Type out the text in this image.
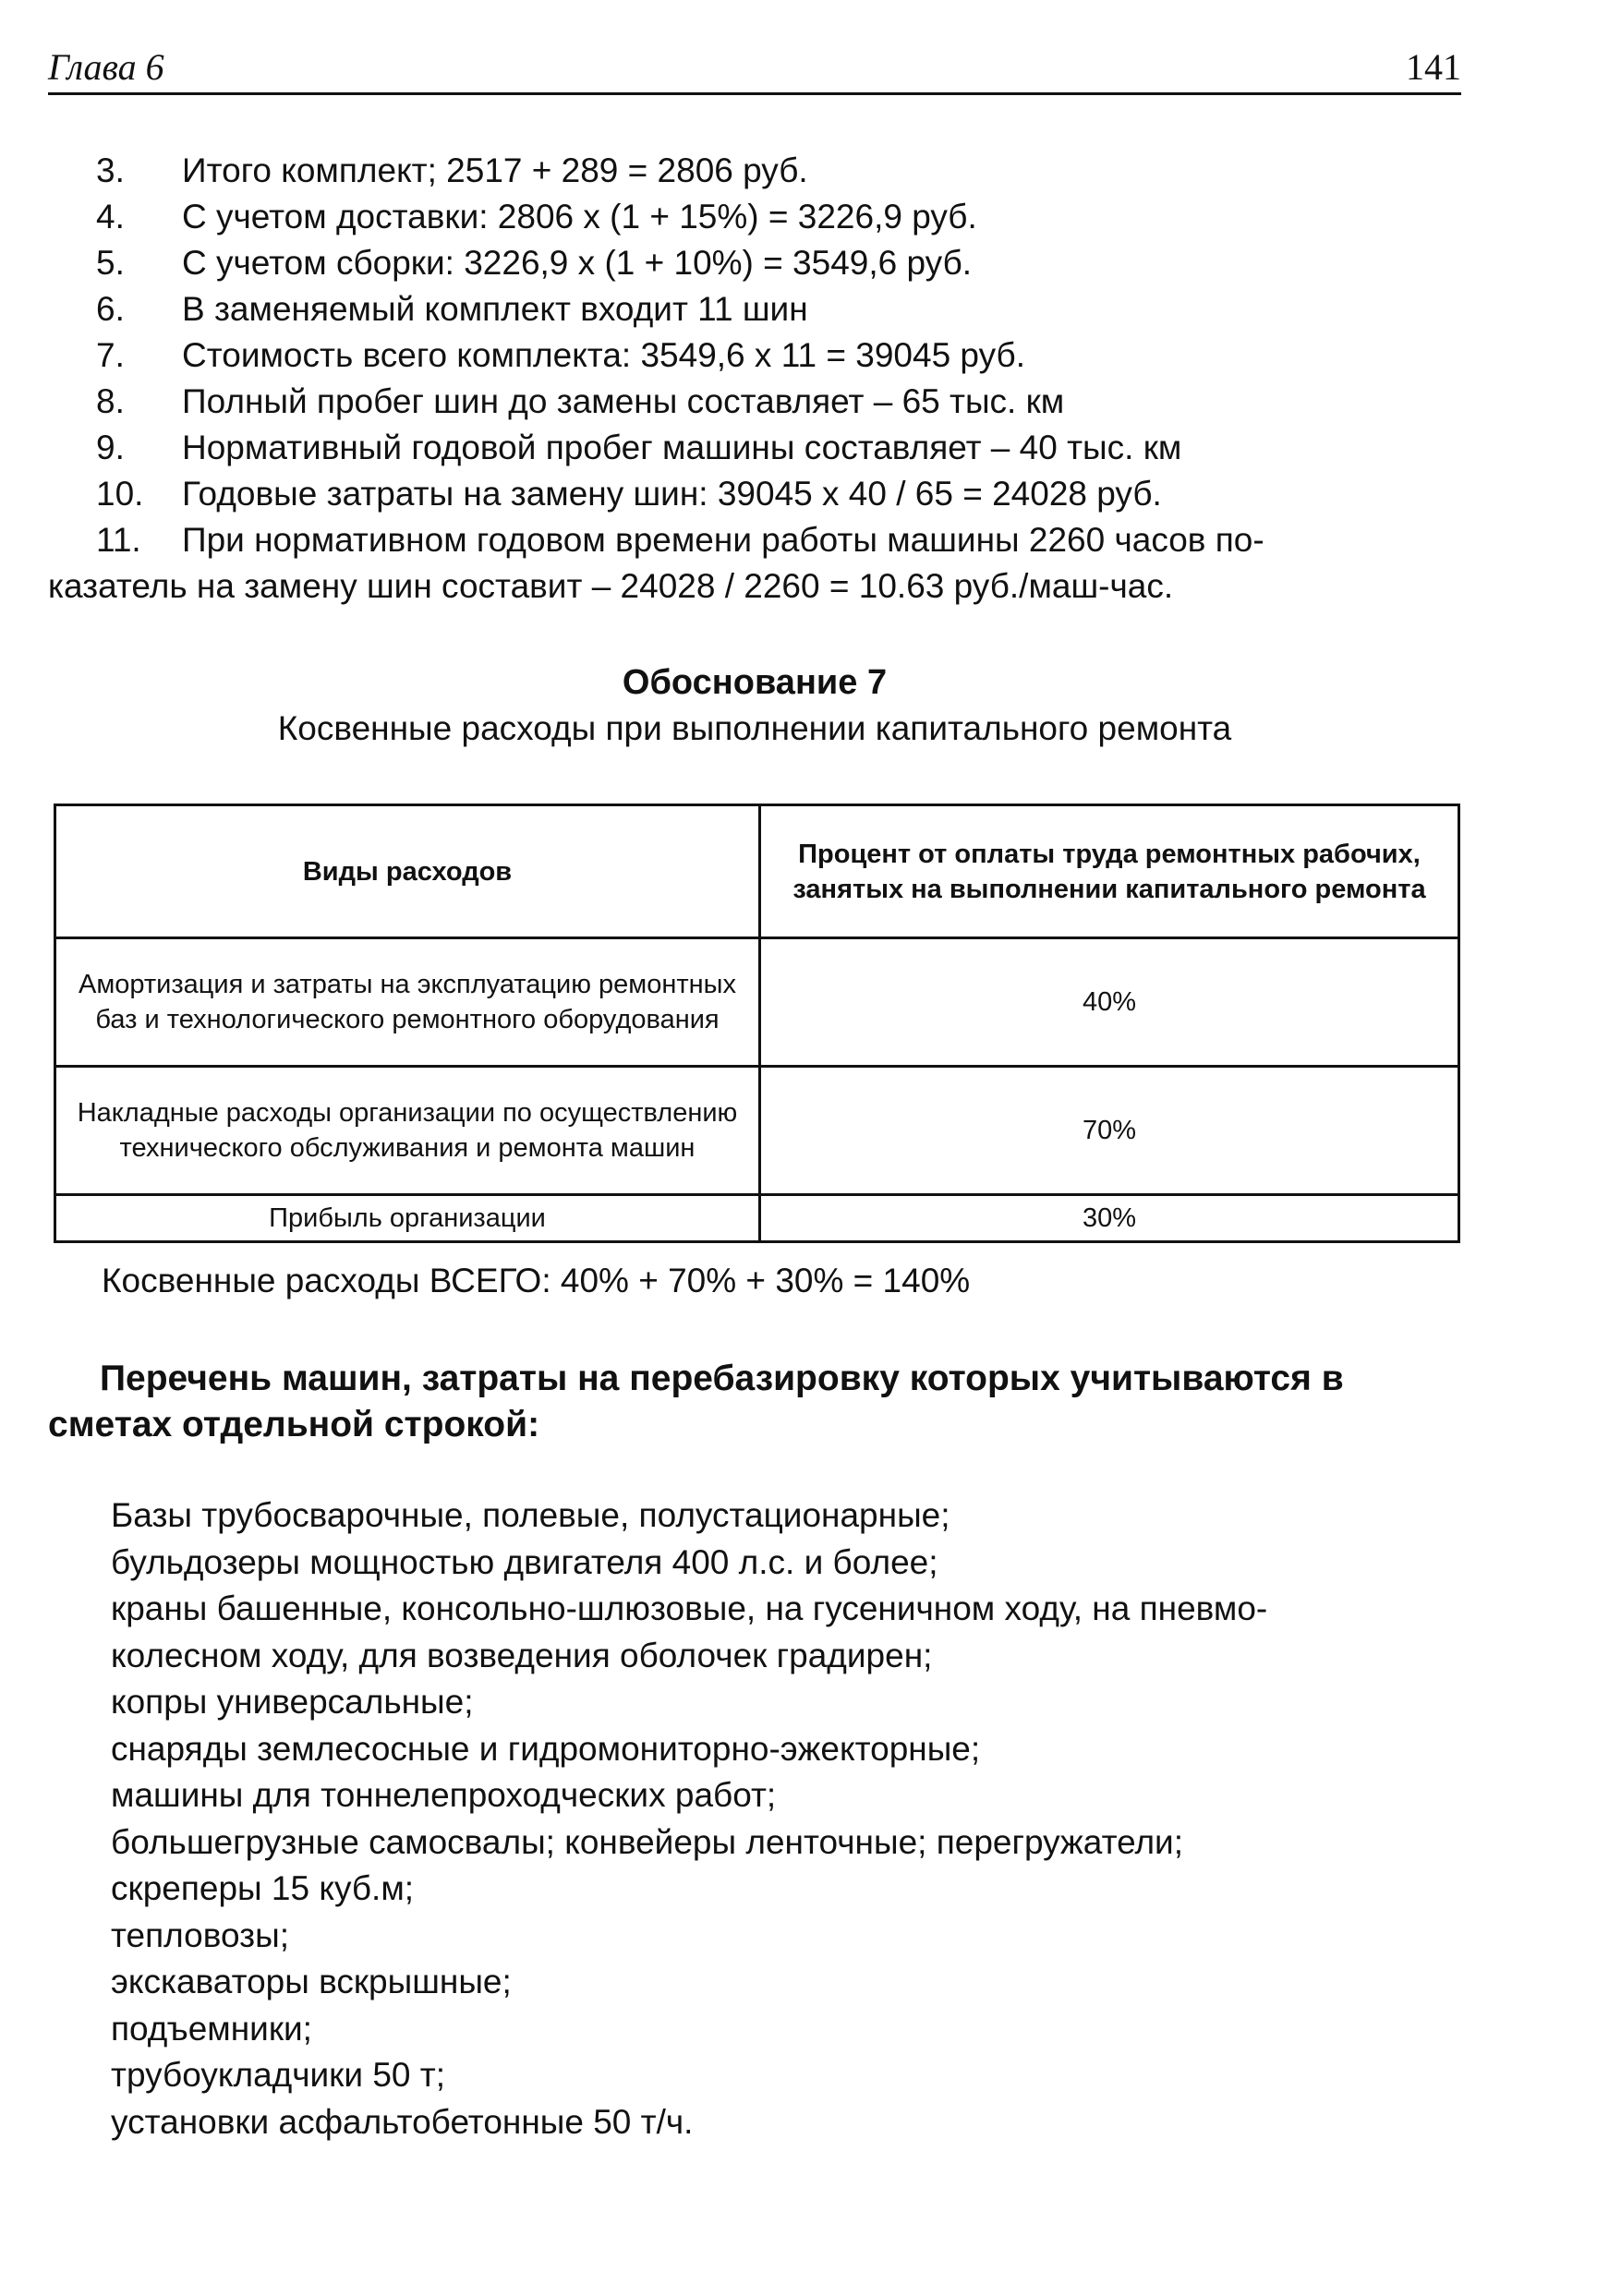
Глава 6	141
3. Итого комплект; 2517 + 289 = 2806 руб.
4. С учетом доставки: 2806 х (1 + 15%) = 3226,9 руб.
5. С учетом сборки: 3226,9 х (1 + 10%) = 3549,6 руб.
6. В заменяемый комплект входит 11 шин
7. Стоимость всего комплекта: 3549,6 х 11 = 39045 руб.
8. Полный пробег шин до замены составляет – 65 тыс. км
9. Нормативный годовой пробег машины составляет – 40 тыс. км
10. Годовые затраты на замену шин: 39045 х 40 / 65 = 24028 руб.
11. При нормативном годовом времени работы машины 2260 часов по-
казатель на замену шин составит – 24028 / 2260 = 10.63 руб./маш-час.
Обоснование 7
Косвенные расходы при выполнении капитального ремонта
Виды расходов	Процент от оплаты труда ремонтных рабочих, занятых на выполнении капитального ремонта
Амортизация и затраты на эксплуатацию ремонтных баз и технологического ремонтного оборудования	40%
Накладные расходы организации по осуществлению технического обслуживания и ремонта машин	70%
Прибыль организации	30%
Косвенные расходы ВСЕГО: 40% + 70% + 30% = 140%
Перечень машин, затраты на перебазировку которых учитываются в
сметах отдельной строкой:
Базы трубосварочные, полевые, полустационарные;
бульдозеры мощностью двигателя 400 л.с. и более;
краны башенные, консольно-шлюзовые, на гусеничном ходу, на пневмо-
колесном ходу, для возведения оболочек градирен;
копры универсальные;
снаряды землесосные и гидромониторно-эжекторные;
машины для тоннелепроходческих работ;
большегрузные самосвалы; конвейеры ленточные; перегружатели;
скреперы 15 куб.м;
тепловозы;
экскаваторы вскрышные;
подъемники;
трубоукладчики 50 т;
установки асфальтобетонные 50 т/ч.
